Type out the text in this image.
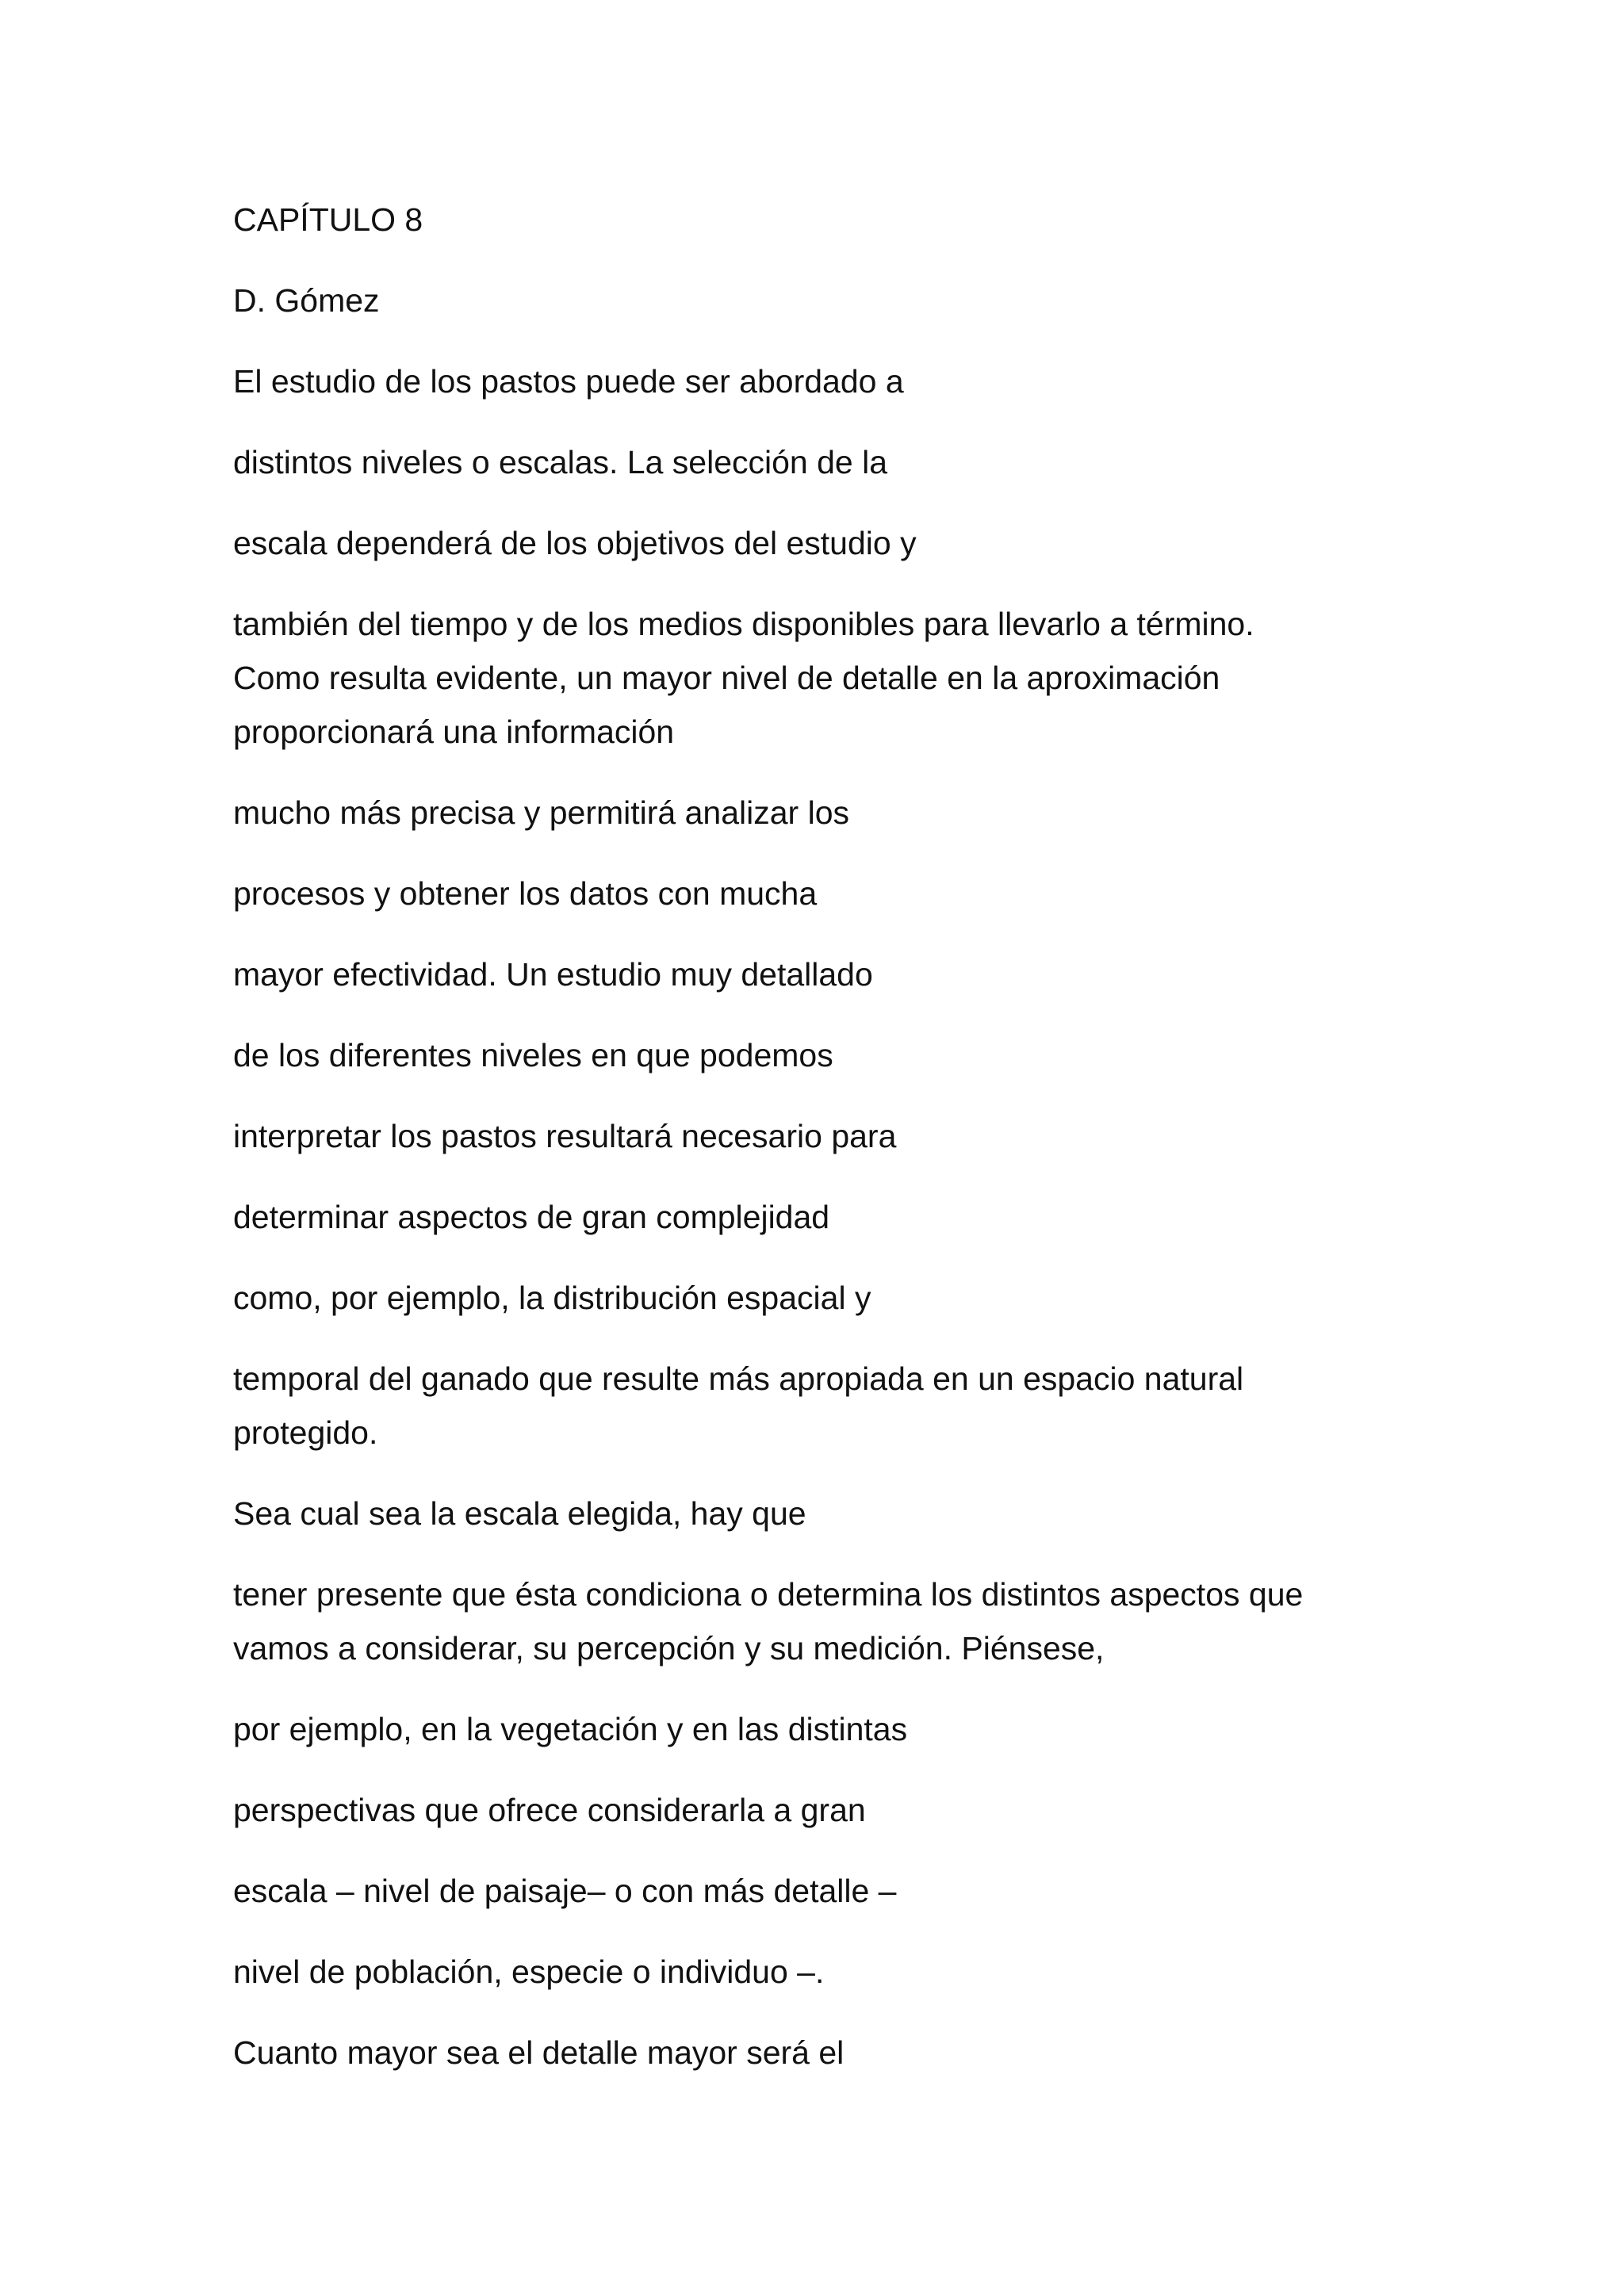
CAPÍTULO 8

D. Gómez

El estudio de los pastos puede ser abordado a

distintos niveles o escalas. La selección de la

escala dependerá de los objetivos del estudio y

también del tiempo y de los medios disponibles para llevarlo a término.
Como resulta evidente, un mayor nivel de detalle en la aproximación
proporcionará una información

mucho más precisa y permitirá analizar los

procesos y obtener los datos con mucha

mayor efectividad. Un estudio muy detallado

de los diferentes niveles en que podemos

interpretar los pastos resultará necesario para

determinar aspectos de gran complejidad

como, por ejemplo, la distribución espacial y

temporal del ganado que resulte más apropiada en un espacio natural
protegido.

Sea cual sea la escala elegida, hay que

tener presente que ésta condiciona o determina los distintos aspectos que
vamos a considerar, su percepción y su medición. Piénsese,

por ejemplo, en la vegetación y en las distintas

perspectivas que ofrece considerarla a gran

escala – nivel de paisaje– o con más detalle –

nivel de población, especie o individuo –.

Cuanto mayor sea el detalle mayor será el
